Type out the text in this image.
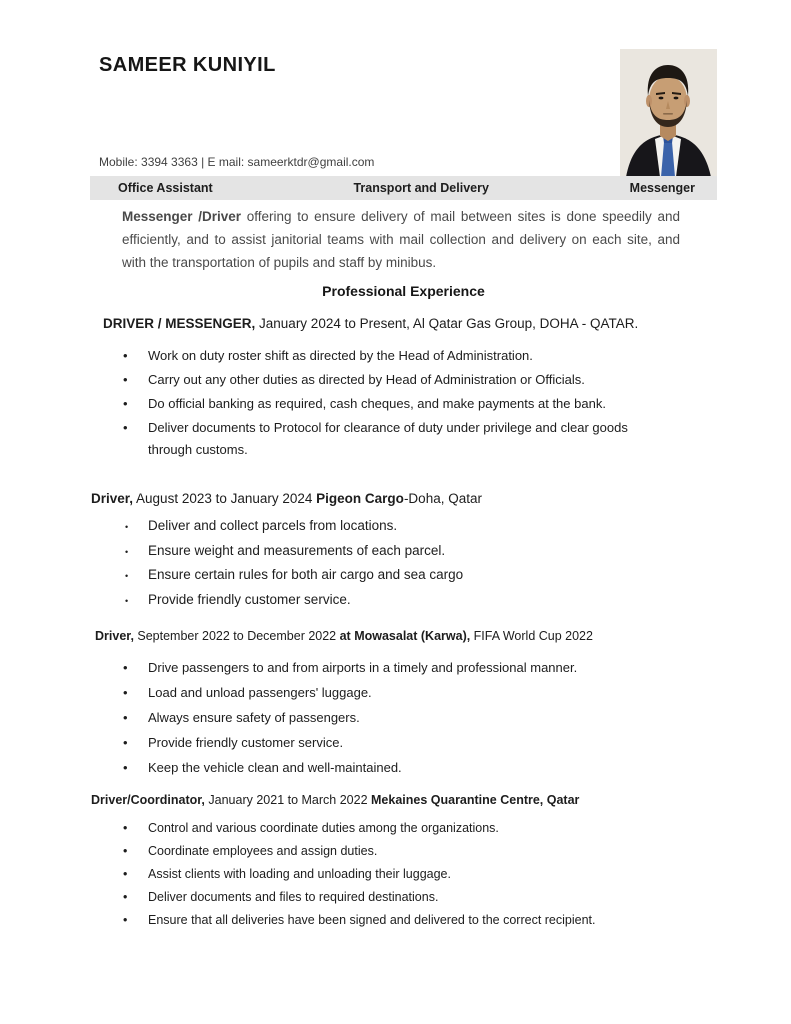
SAMEER KUNIYIL
Mobile: 3394 3363 | E mail: sameerktdr@gmail.com
Office Assistant	Transport and Delivery	Messenger

Messenger /Driver offering to ensure delivery of mail between sites is done speedily and efficiently, and to assist janitorial teams with mail collection and delivery on each site, and with the transportation of pupils and staff by minibus.

Professional Experience
DRIVER / MESSENGER, January 2024 to Present, Al Qatar Gas Group, DOHA - QATAR.
• Work on duty roster shift as directed by the Head of Administration.
• Carry out any other duties as directed by Head of Administration or Officials.
• Do official banking as required, cash cheques, and make payments at the bank.
• Deliver documents to Protocol for clearance of duty under privilege and clear goods through customs.
Driver, August 2023 to January 2024 Pigeon Cargo-Doha, Qatar
• Deliver and collect parcels from locations.
• Ensure weight and measurements of each parcel.
• Ensure certain rules for both air cargo and sea cargo
• Provide friendly customer service.
Driver, September 2022 to December 2022 at Mowasalat (Karwa), FIFA World Cup 2022
• Drive passengers to and from airports in a timely and professional manner.
• Load and unload passengers' luggage.
• Always ensure safety of passengers.
• Provide friendly customer service.
• Keep the vehicle clean and well-maintained.
Driver/Coordinator, January 2021 to March 2022 Mekaines Quarantine Centre, Qatar
• Control and various coordinate duties among the organizations.
• Coordinate employees and assign duties.
• Assist clients with loading and unloading their luggage.
• Deliver documents and files to required destinations.
• Ensure that all deliveries have been signed and delivered to the correct recipient.
